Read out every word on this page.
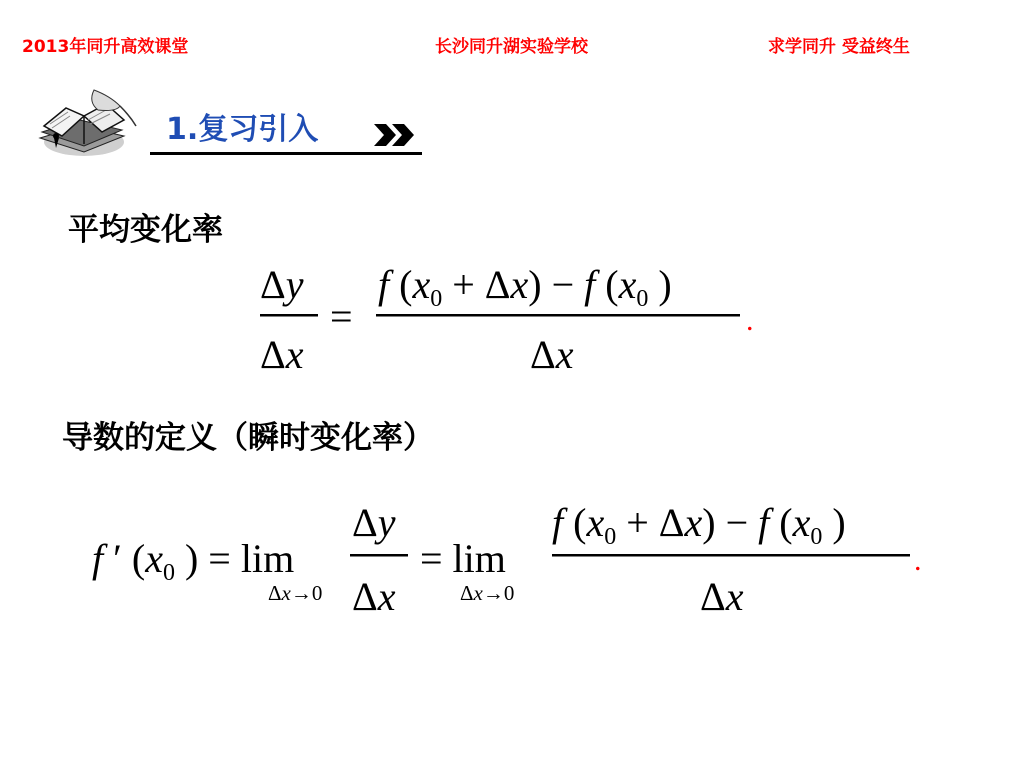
2013年同升高效课堂	长沙同升湖实验学校	求学同升 受益终生
1.复习引入
平均变化率
导数的定义（瞬时变化率）
Δy
Δx
=
f $(x_0 + \Delta x) - f$ ($x_0$ )
Δx
.
f ′ ($x_0$ ) = lim
Δx→0
Δy
Δx
= lim
Δx→0
f $(x_0 + \Delta x) - f$ ($x_0$ )
Δx
.
